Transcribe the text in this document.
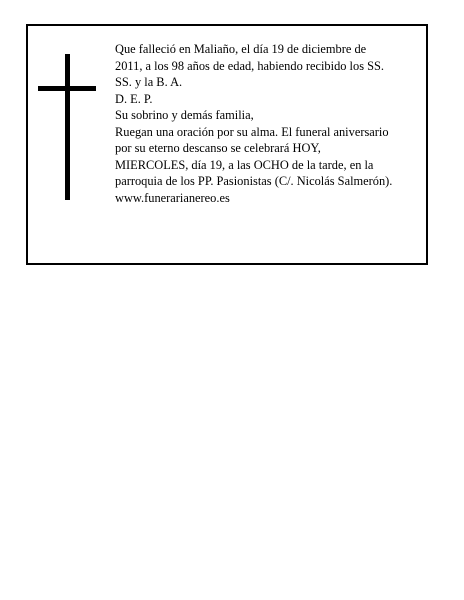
Que falleció en Maliaño, el día 19 de diciembre de
2011, a los 98 años de edad, habiendo recibido los SS.
SS. y la B. A.
D. E. P.
Su sobrino y demás familia,
Ruegan una oración por su alma. El funeral aniversario
por su eterno descanso se celebrará HOY,
MIERCOLES, día 19, a las OCHO de la tarde, en la
parroquia de los PP. Pasionistas (C/. Nicolás Salmerón).
www.funerarianereo.es
